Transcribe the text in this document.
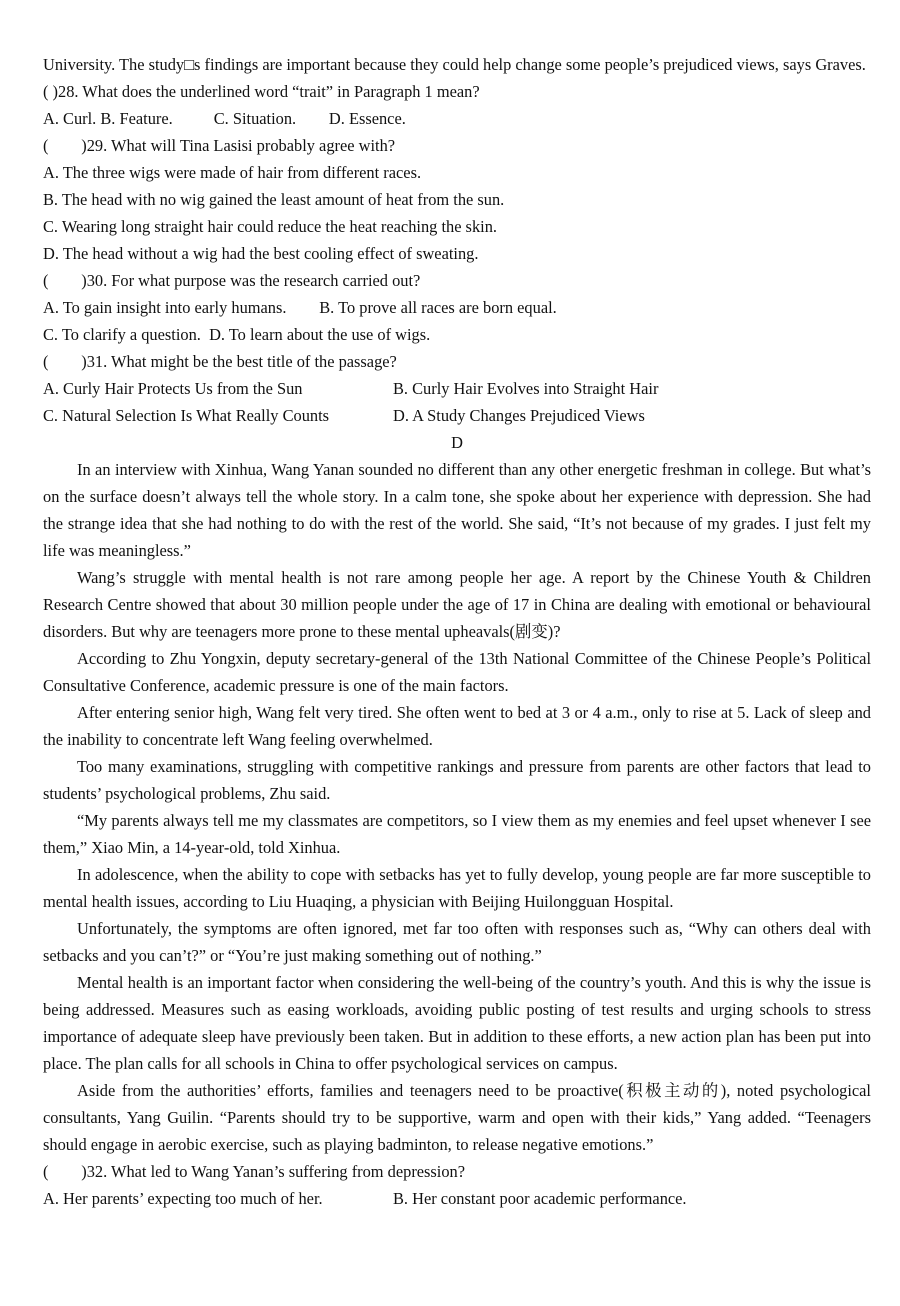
University. The study□s findings are important because they could help change some people’s prejudiced views, says Graves.
( )28. What does the underlined word “trait” in Paragraph 1 mean?
A. Curl. B. Feature.          C. Situation.        D. Essence.
(        )29. What will Tina Lasisi probably agree with?
A. The three wigs were made of hair from different races.
B. The head with no wig gained the least amount of heat from the sun.
C. Wearing long straight hair could reduce the heat reaching the skin.
D. The head without a wig had the best cooling effect of sweating.
(        )30. For what purpose was the research carried out?
A. To gain insight into early humans.        B. To prove all races are born equal.
C. To clarify a question.  D. To learn about the use of wigs.
(        )31. What might be the best title of the passage?
A. Curly Hair Protects Us from the Sun	B. Curly Hair Evolves into Straight Hair
C. Natural Selection Is What Really Counts	D. A Study Changes Prejudiced Views
D
In an interview with Xinhua, Wang Yanan sounded no different than any other energetic freshman in college. But what’s on the surface doesn’t always tell the whole story. In a calm tone, she spoke about her experience with depression. She had the strange idea that she had nothing to do with the rest of the world. She said, “It’s not because of my grades. I just felt my life was meaningless.”
Wang’s struggle with mental health is not rare among people her age. A report by the Chinese Youth & Children Research Centre showed that about 30 million people under the age of 17 in China are dealing with emotional or behavioural disorders. But why are teenagers more prone to these mental upheavals(剧变)?
According to Zhu Yongxin, deputy secretary-general of the 13th National Committee of the Chinese People’s Political Consultative Conference, academic pressure is one of the main factors.
After entering senior high, Wang felt very tired. She often went to bed at 3 or 4 a.m., only to rise at 5. Lack of sleep and the inability to concentrate left Wang feeling overwhelmed.
Too many examinations, struggling with competitive rankings and pressure from parents are other factors that lead to students’ psychological problems, Zhu said.
“My parents always tell me my classmates are competitors, so I view them as my enemies and feel upset whenever I see them,” Xiao Min, a 14-year-old, told Xinhua.
In adolescence, when the ability to cope with setbacks has yet to fully develop, young people are far more susceptible to mental health issues, according to Liu Huaqing, a physician with Beijing Huilongguan Hospital.
Unfortunately, the symptoms are often ignored, met far too often with responses such as, “Why can others deal with setbacks and you can’t?” or “You’re just making something out of nothing.”
Mental health is an important factor when considering the well-being of the country’s youth. And this is why the issue is being addressed. Measures such as easing workloads, avoiding public posting of test results and urging schools to stress importance of adequate sleep have previously been taken. But in addition to these efforts, a new action plan has been put into place. The plan calls for all schools in China to offer psychological services on campus.
Aside from the authorities’ efforts, families and teenagers need to be proactive(积极主动的), noted psychological consultants, Yang Guilin. “Parents should try to be supportive, warm and open with their kids,” Yang added. “Teenagers should engage in aerobic exercise, such as playing badminton, to release negative emotions.”
(        )32. What led to Wang Yanan’s suffering from depression?
A. Her parents’ expecting too much of her.	B. Her constant poor academic performance.
